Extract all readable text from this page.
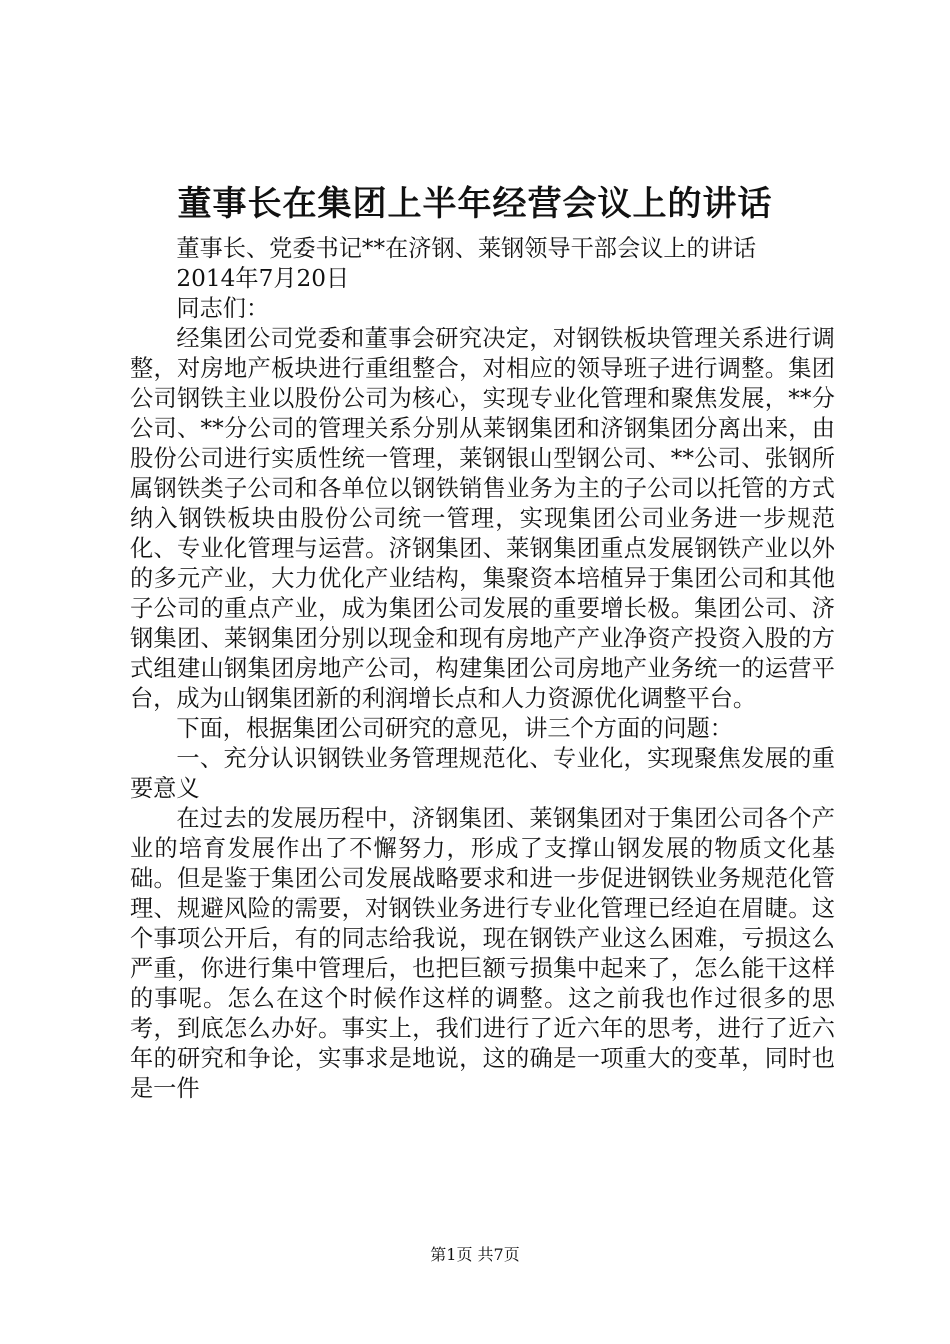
董事长在集团上半年经营会议上的讲话

董事长、党委书记**在济钢、莱钢领导干部会议上的讲话

2014年7月20日

同志们：

经集团公司党委和董事会研究决定，对钢铁板块管理关系进行调整，对房地产板块进行重组整合，对相应的领导班子进行调整。集团公司钢铁主业以股份公司为核心，实现专业化管理和聚焦发展，**分公司、**分公司的管理关系分别从莱钢集团和济钢集团分离出来，由股份公司进行实质性统一管理，莱钢银山型钢公司、**公司、张钢所属钢铁类子公司和各单位以钢铁销售业务为主的子公司以托管的方式纳入钢铁板块由股份公司统一管理，实现集团公司业务进一步规范化、专业化管理与运营。济钢集团、莱钢集团重点发展钢铁产业以外的多元产业，大力优化产业结构，集聚资本培植异于集团公司和其他子公司的重点产业，成为集团公司发展的重要增长极。集团公司、济钢集团、莱钢集团分别以现金和现有房地产产业净资产投资入股的方式组建山钢集团房地产公司，构建集团公司房地产业务统一的运营平台，成为山钢集团新的利润增长点和人力资源优化调整平台。

下面，根据集团公司研究的意见，讲三个方面的问题：

一、充分认识钢铁业务管理规范化、专业化，实现聚焦发展的重要意义

在过去的发展历程中，济钢集团、莱钢集团对于集团公司各个产业的培育发展作出了不懈努力，形成了支撑山钢发展的物质文化基础。但是鉴于集团公司发展战略要求和进一步促进钢铁业务规范化管理、规避风险的需要，对钢铁业务进行专业化管理已经迫在眉睫。这个事项公开后，有的同志给我说，现在钢铁产业这么困难，亏损这么严重，你进行集中管理后，也把巨额亏损集中起来了，怎么能干这样的事呢。怎么在这个时候作这样的调整。这之前我也作过很多的思考，到底怎么办好。事实上，我们进行了近六年的思考，进行了近六年的研究和争论，实事求是地说，这的确是一项重大的变革，同时也是一件

第1页 共7页
